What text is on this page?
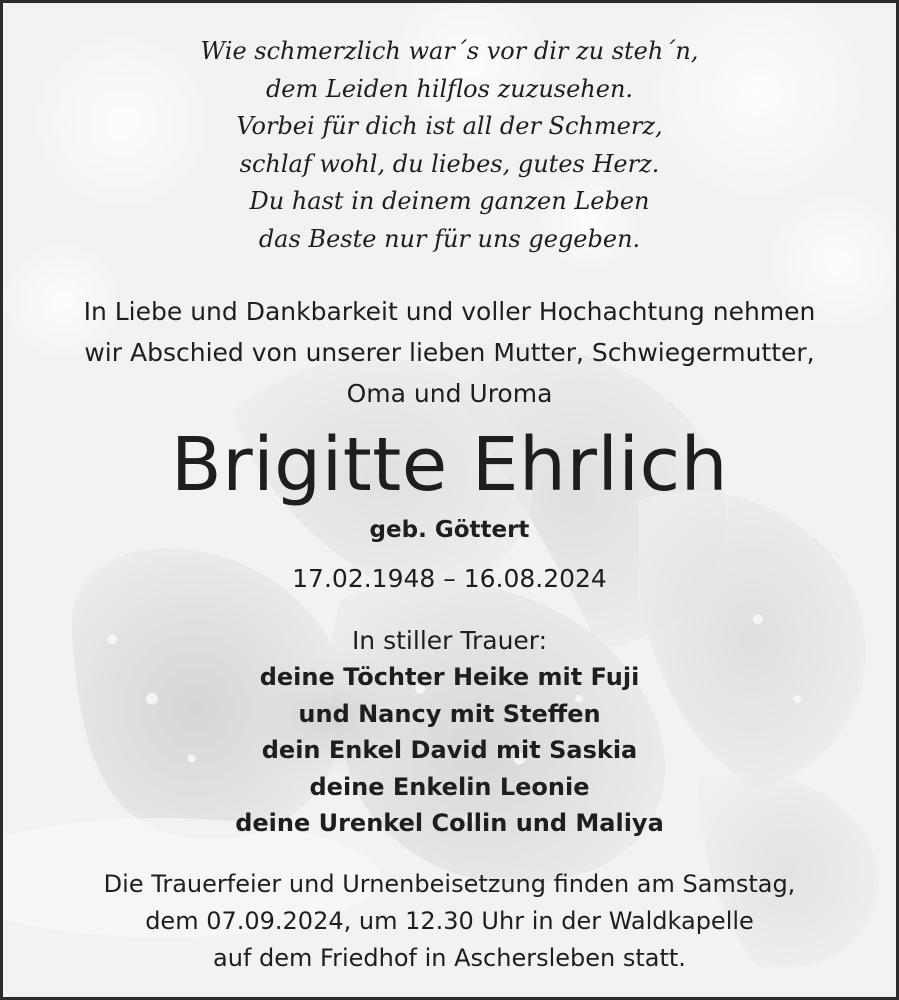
Wie schmerzlich war´s vor dir zu steh´n,
dem Leiden hilflos zuzusehen.
Vorbei für dich ist all der Schmerz,
schlaf wohl, du liebes, gutes Herz.
Du hast in deinem ganzen Leben
das Beste nur für uns gegeben.
In Liebe und Dankbarkeit und voller Hochachtung nehmen
wir Abschied von unserer lieben Mutter, Schwiegermutter,
Oma und Uroma
Brigitte Ehrlich
geb. Göttert
17.02.1948 – 16.08.2024
In stiller Trauer:
deine Töchter Heike mit Fuji
und Nancy mit Steffen
dein Enkel David mit Saskia
deine Enkelin Leonie
deine Urenkel Collin und Maliya
Die Trauerfeier und Urnenbeisetzung finden am Samstag,
dem 07.09.2024, um 12.30 Uhr in der Waldkapelle
auf dem Friedhof in Aschersleben statt.
